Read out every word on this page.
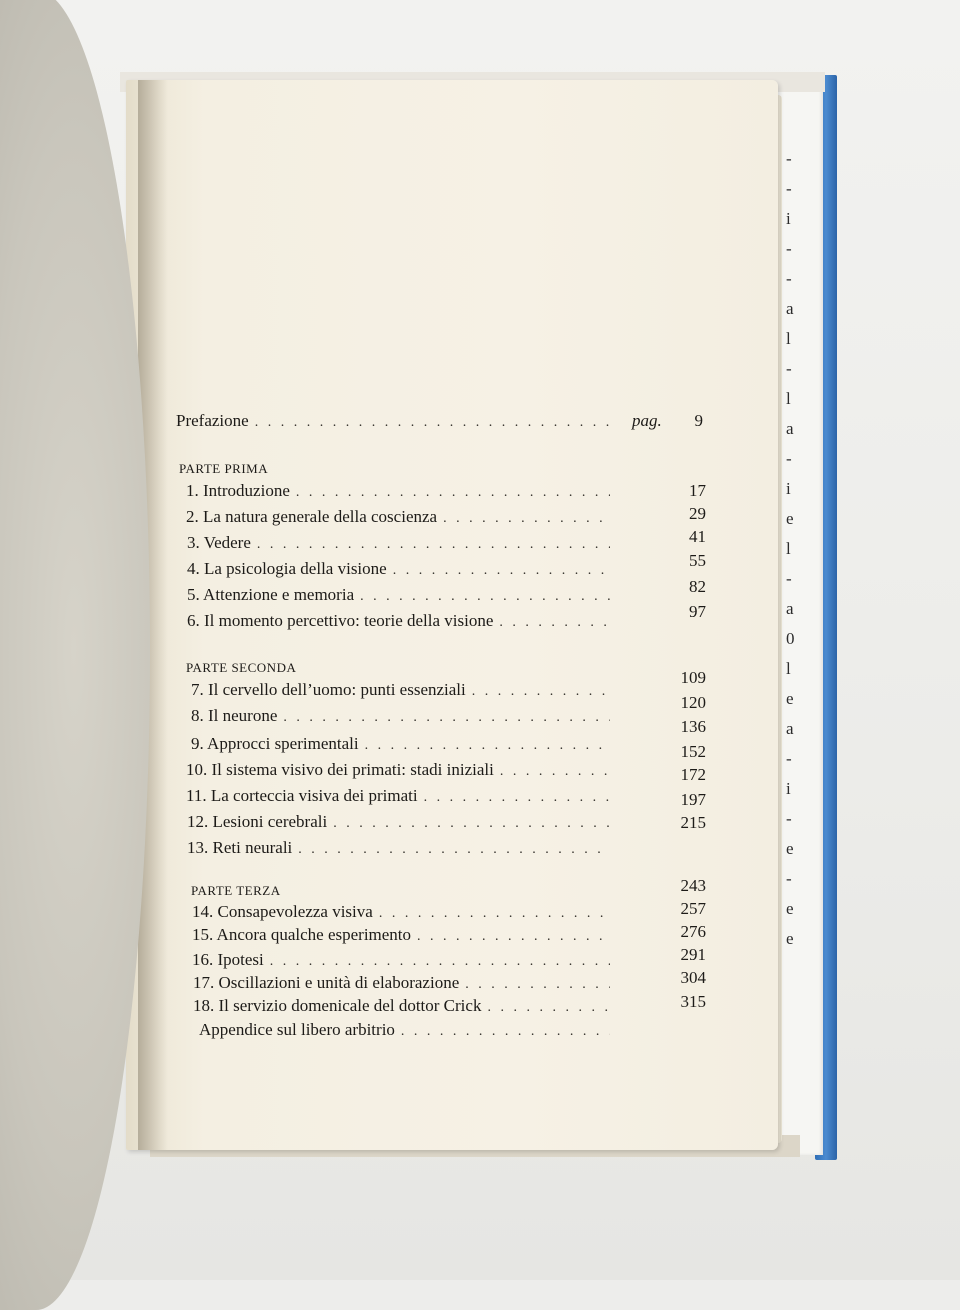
-
-
i
-
-
a
l
-
l
a
-
i
e
l
-
a
0
l
e
a
-
i
-
e
-
e
e
Prefazione
. . .	pag.	9
PARTE PRIMA
1. Introduzione
. . .
2. La natura generale della coscienza
. . .
3. Vedere
. . .
4. La psicologia della visione
. . .
5. Attenzione e memoria
. . .
6. Il momento percettivo: teorie della visione
. . .
PARTE SECONDA
7. Il cervello dell’uomo: punti essenziali
. . .
8. Il neurone
. . .
9. Approcci sperimentali
. . .
10. Il sistema visivo dei primati: stadi iniziali
. . .
11. La corteccia visiva dei primati
. . .
12. Lesioni cerebrali
. . .
13. Reti neurali
. . .
PARTE TERZA
14. Consapevolezza visiva
. . .
15. Ancora qualche esperimento
. . .
16. Ipotesi
. . .
17. Oscillazioni e unità di elaborazione
. . .
18. Il servizio domenicale del dottor Crick
. . .
Appendice sul libero arbitrio
. . .
17
29
41
55
82
97
109
120
136
152
172
197
215
243
257
276
291
304
315
